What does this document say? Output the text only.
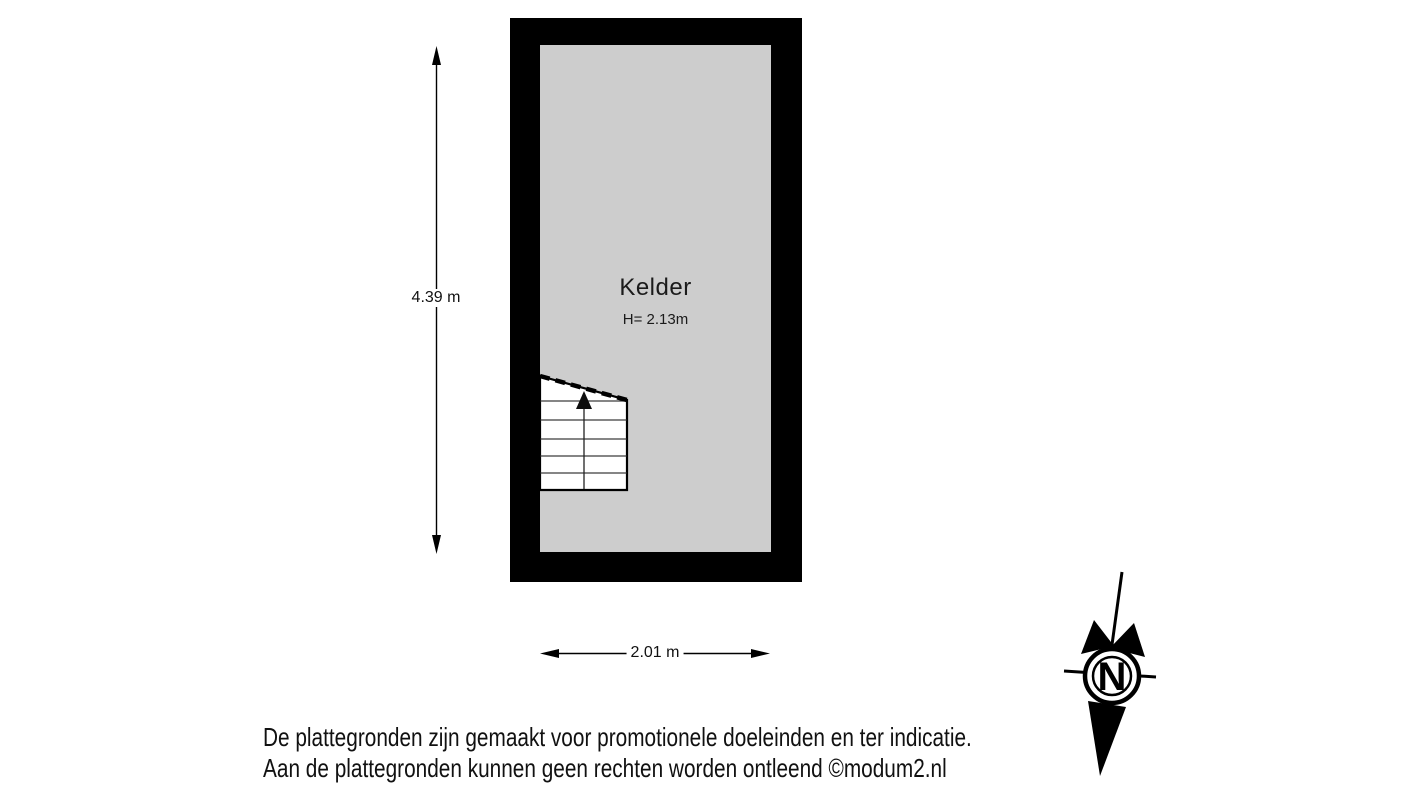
Kelder
H= 2.13m
4.39 m
2.01 m
N
De plattegronden zijn gemaakt voor promotionele doeleinden en ter indicatie.
Aan de plattegronden kunnen geen rechten worden ontleend ©modum2.nl
